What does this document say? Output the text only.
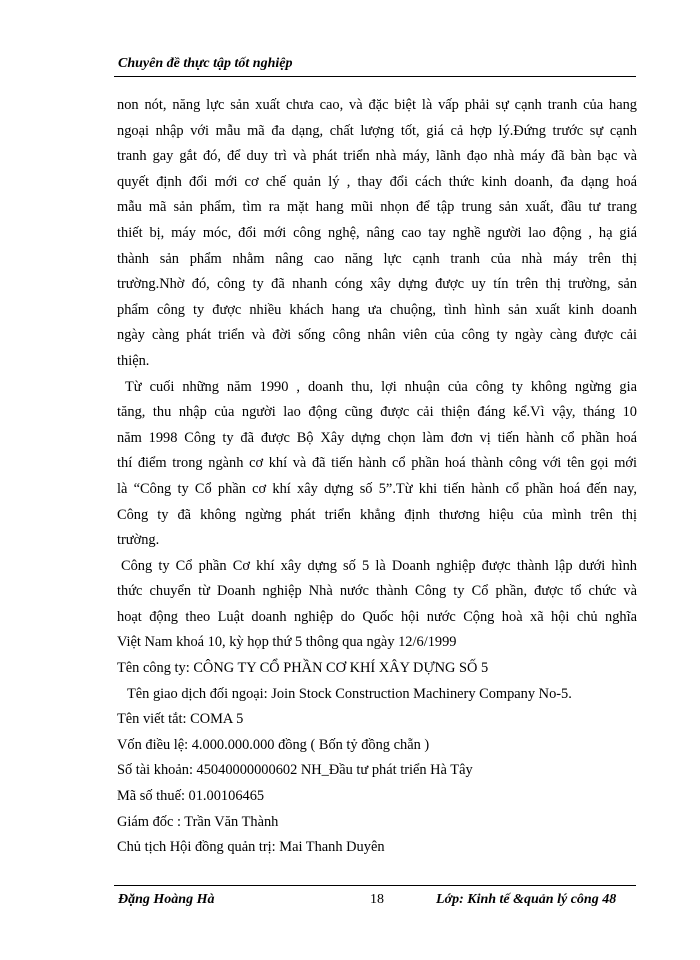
Chuyên đề thực tập tốt nghiệp
non nót, năng lực sản xuất chưa cao, và đặc biệt là vấp phải sự cạnh tranh của hang
ngoại nhập với mẫu mã đa dạng, chất lượng tốt, giá cả hợp lý.Đứng trước sự cạnh
tranh gay gắt đó, để duy trì và phát triển nhà máy, lãnh đạo nhà máy đã bàn bạc và
quyết định đổi mới cơ chế quản lý , thay đổi cách thức kinh doanh, đa dạng hoá
mẫu mã sản phẩm, tìm ra mặt hang mũi nhọn để tập trung sản xuất, đầu tư trang
thiết bị, máy móc, đổi mới công nghệ, nâng cao tay nghề người lao động , hạ giá
thành sản phẩm nhằm nâng cao năng lực cạnh tranh của nhà máy trên thị
trường.Nhờ đó, công ty đã nhanh cóng xây dựng được uy tín trên thị trường, sản
phẩm công ty được nhiều khách hang ưa chuộng, tình hình sản xuất kinh doanh
ngày càng phát triển và đời sống công nhân viên của công ty ngày càng được cải
thiện.
Từ cuối những năm 1990 , doanh thu, lợi nhuận của công ty không ngừng gia
tăng, thu nhập của người lao động cũng được cải thiện đáng kể.Vì vậy, tháng 10
năm 1998 Công ty đã được Bộ Xây dựng chọn làm đơn vị tiến hành cổ phần hoá
thí điểm trong ngành cơ khí và đã tiến hành cổ phần hoá thành công với tên gọi mới
là “Công ty Cổ phần cơ khí xây dựng số 5”.Từ khi tiến hành cổ phần hoá đến nay,
Công ty đã không ngừng phát triển khẳng định thương hiệu của mình trên thị
trường.
Công ty Cổ phần Cơ khí xây dựng số 5 là Doanh nghiệp được thành lập dưới hình
thức chuyển từ Doanh nghiệp Nhà nước thành Công ty Cổ phần, được tổ chức và
hoạt động theo Luật doanh nghiệp do Quốc hội nước Cộng hoà xã hội chủ nghĩa
Việt Nam khoá 10, kỳ họp thứ 5 thông qua ngày 12/6/1999
Tên công ty: CÔNG TY CỔ PHẦN CƠ KHÍ XÂY DỰNG SỐ 5
Tên giao dịch đối ngoại: Join Stock Construction Machinery Company No-5.
Tên viết tắt: COMA 5
Vốn điều lệ: 4.000.000.000 đồng ( Bốn tỷ đồng chẵn )
Số tài khoản: 45040000000602 NH_Đầu tư phát triển Hà Tây
Mã số thuế: 01.00106465
Giám đốc : Trần Văn Thành
Chủ tịch Hội đồng quản trị: Mai Thanh Duyên
Đặng Hoàng Hà	18	Lớp: Kinh tế &quản lý công 48
